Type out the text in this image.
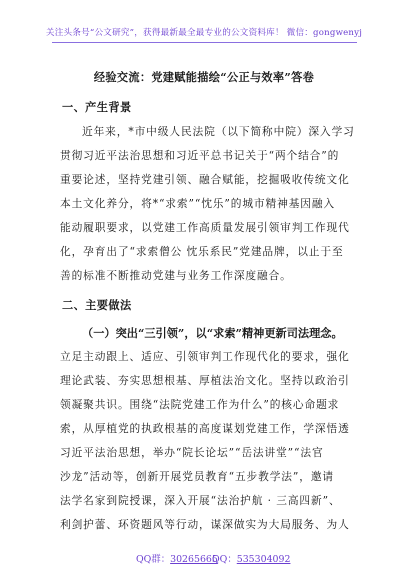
关注头条号“公文研究”，获得最新最全最专业的公文资料库！ 微信：gongwenyj
经验交流：党建赋能描绘“公正与效率”答卷
一、产生背景
近年来，*市中级人民法院（以下简称中院）深入学习
贯彻习近平法治思想和习近平总书记关于“两个结合”的
重要论述，坚持党建引领、融合赋能，挖掘吸收传统文化
本土文化养分，将*“求索”“忱乐”的城市精神基因融入
能动履职要求，以党建工作高质量发展引领审判工作现代
化，孕育出了“求索僧公 忱乐系民”党建品牌，以止于至
善的标准不断推动党建与业务工作深度融合。
二、主要做法
（一）突出“三引领”，以“求索”精神更新司法理念。
立足主动跟上、适应、引领审判工作现代化的要求，强化
理论武装、夯实思想根基、厚植法治文化。坚持以政治引
领凝聚共识。围绕“法院党建工作为什么”的核心命题求
索，从厚植党的执政根基的高度谋划党建工作，学深悟透
习近平法治思想，举办“院长论坛”“岳法讲堂”“法官
沙龙”活动等，创新开展党员教育“五步教学法”，邀请
法学名家到院授课，深入开展“法治护航 · 三高四新”、
利剑护蕾、环资题风等行动，谋深做实为大局服务、为人
QQ群：30265665
QQ：535304092
